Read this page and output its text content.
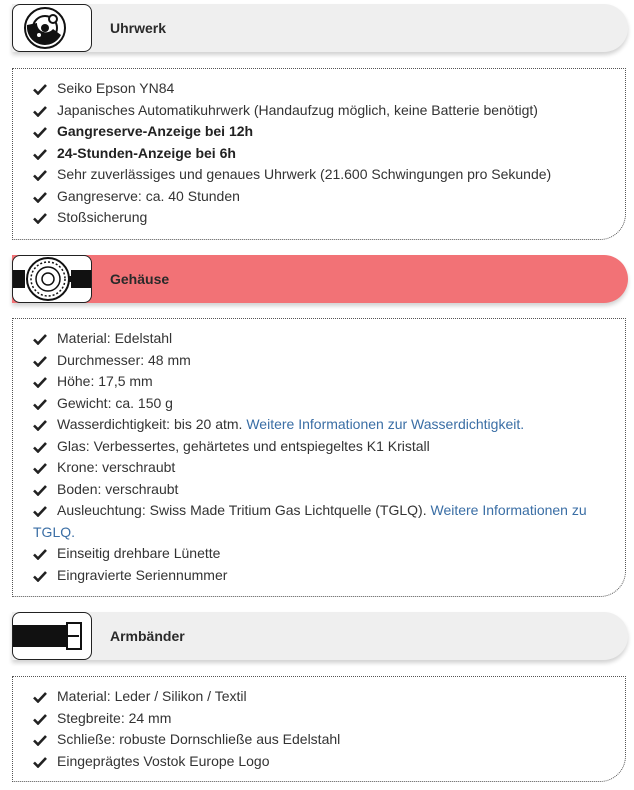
Uhrwerk
Seiko Epson YN84
Japanisches Automatikuhrwerk (Handaufzug möglich, keine Batterie benötigt)
Gangreserve-Anzeige bei 12h
24-Stunden-Anzeige bei 6h
Sehr zuverlässiges und genaues Uhrwerk (21.600 Schwingungen pro Sekunde)
Gangreserve: ca. 40 Stunden
Stoßsicherung
Gehäuse
Material: Edelstahl
Durchmesser: 48 mm
Höhe: 17,5 mm
Gewicht: ca. 150 g
Wasserdichtigkeit: bis 20 atm. Weitere Informationen zur Wasserdichtigkeit.
Glas: Verbessertes, gehärtetes und entspiegeltes K1 Kristall
Krone: verschraubt
Boden: verschraubt
Ausleuchtung: Swiss Made Tritium Gas Lichtquelle (TGLQ). Weitere Informationen zu TGLQ.
Einseitig drehbare Lünette
Eingravierte Seriennummer
Armbänder
Material: Leder / Silikon / Textil
Stegbreite: 24 mm
Schließe: robuste Dornschließe aus Edelstahl
Eingeprägtes Vostok Europe Logo
